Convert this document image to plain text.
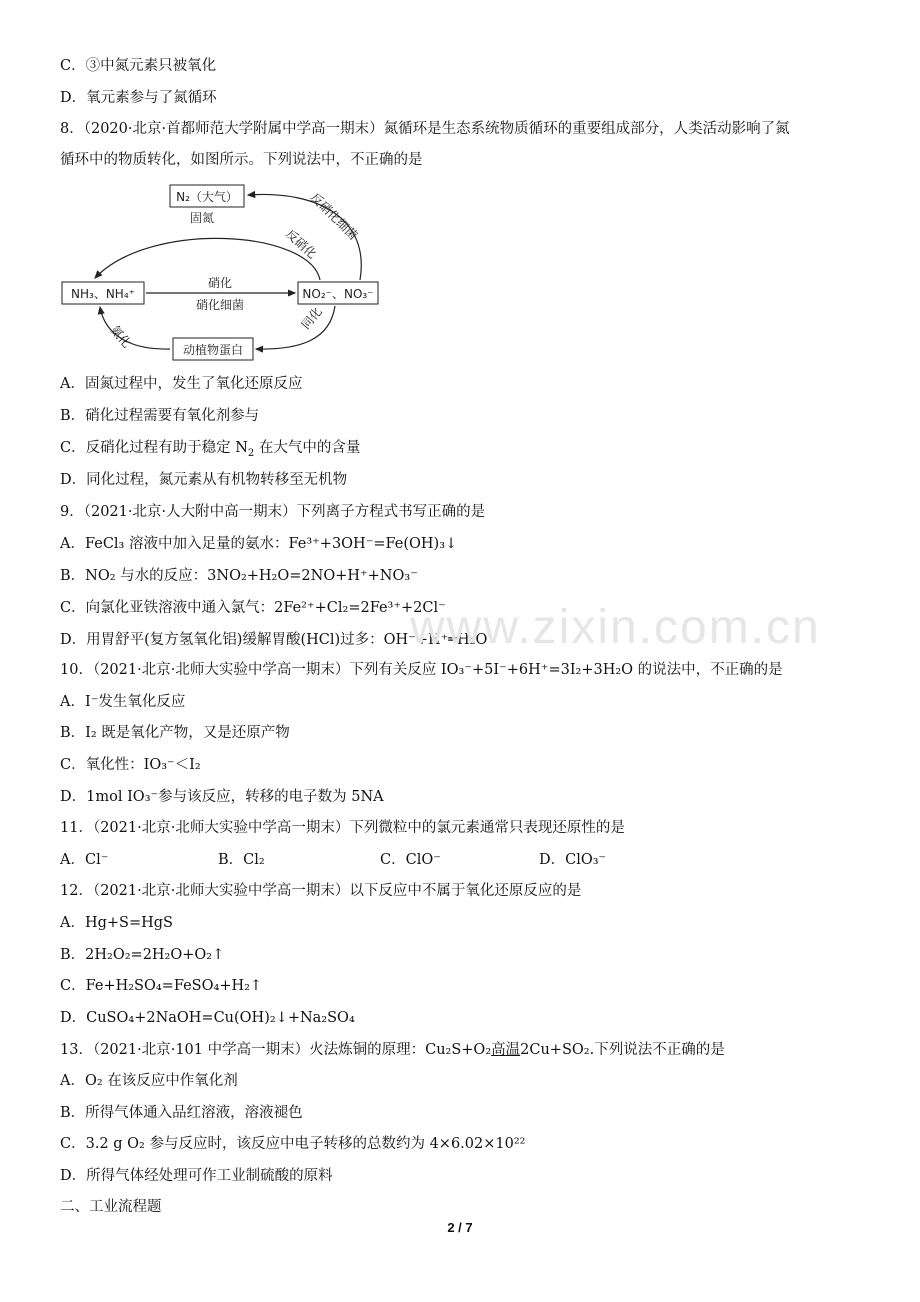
C．③中氮元素只被氧化
D．氧元素参与了氮循环
8．（2020·北京·首都师范大学附属中学高一期末）氮循环是生态系统物质循环的重要组成部分，人类活动影响了氮
循环中的物质转化，如图所示。下列说法中，不正确的是
N₂（大气）
NH₃、NH₄⁺	NO₂⁻、NO₃⁻
动植物蛋白
固氮
反硝化
反硝化细菌
硝化
硝化细菌	同化
氨化
A．固氮过程中，发生了氧化还原反应
B．硝化过程需要有氧化剂参与
C．反硝化过程有助于稳定 $N_2$ 在大气中的含量
D．同化过程，氮元素从有机物转移至无机物
9．（2021·北京·人大附中高一期末）下列离子方程式书写正确的是
A．FeCl₃ 溶液中加入足量的氨水：Fe³⁺+3OH⁻=Fe(OH)₃↓
B．NO₂ 与水的反应：3NO₂+H₂O=2NO+H⁺+NO₃⁻
C．向氯化亚铁溶液中通入氯气：2Fe²⁺+Cl₂=2Fe³⁺+2Cl⁻
D．用胃舒平(复方氢氧化铝)缓解胃酸(HCl)过多：OH⁻+H⁺═H₂O
www.zixin.com.cn
10．（2021·北京·北师大实验中学高一期末）下列有关反应 IO₃⁻+5I⁻+6H⁺=3I₂+3H₂O 的说法中，不正确的是
A．I⁻发生氧化反应
B．I₂ 既是氧化产物，又是还原产物
C．氧化性：IO₃⁻＜I₂
D．1mol IO₃⁻参与该反应，转移的电子数为 5NA
11．（2021·北京·北师大实验中学高一期末）下列微粒中的氯元素通常只表现还原性的是
A．Cl⁻	B．Cl₂	C．ClO⁻	D．ClO₃⁻
12．（2021·北京·北师大实验中学高一期末）以下反应中不属于氧化还原反应的是
A．Hg+S=HgS
B．2H₂O₂=2H₂O+O₂↑
C．Fe+H₂SO₄=FeSO₄+H₂↑
D．CuSO₄+2NaOH=Cu(OH)₂↓+Na₂SO₄
13．（2021·北京·101 中学高一期末）火法炼铜的原理：Cu₂S+O₂高温2Cu+SO₂.下列说法不正确的是
A．O₂ 在该反应中作氧化剂
B．所得气体通入品红溶液，溶液褪色
C．3.2 g O₂ 参与反应时，该反应中电子转移的总数约为 4×6.02×10²²
D．所得气体经处理可作工业制硫酸的原料
二、工业流程题
2 / 7
